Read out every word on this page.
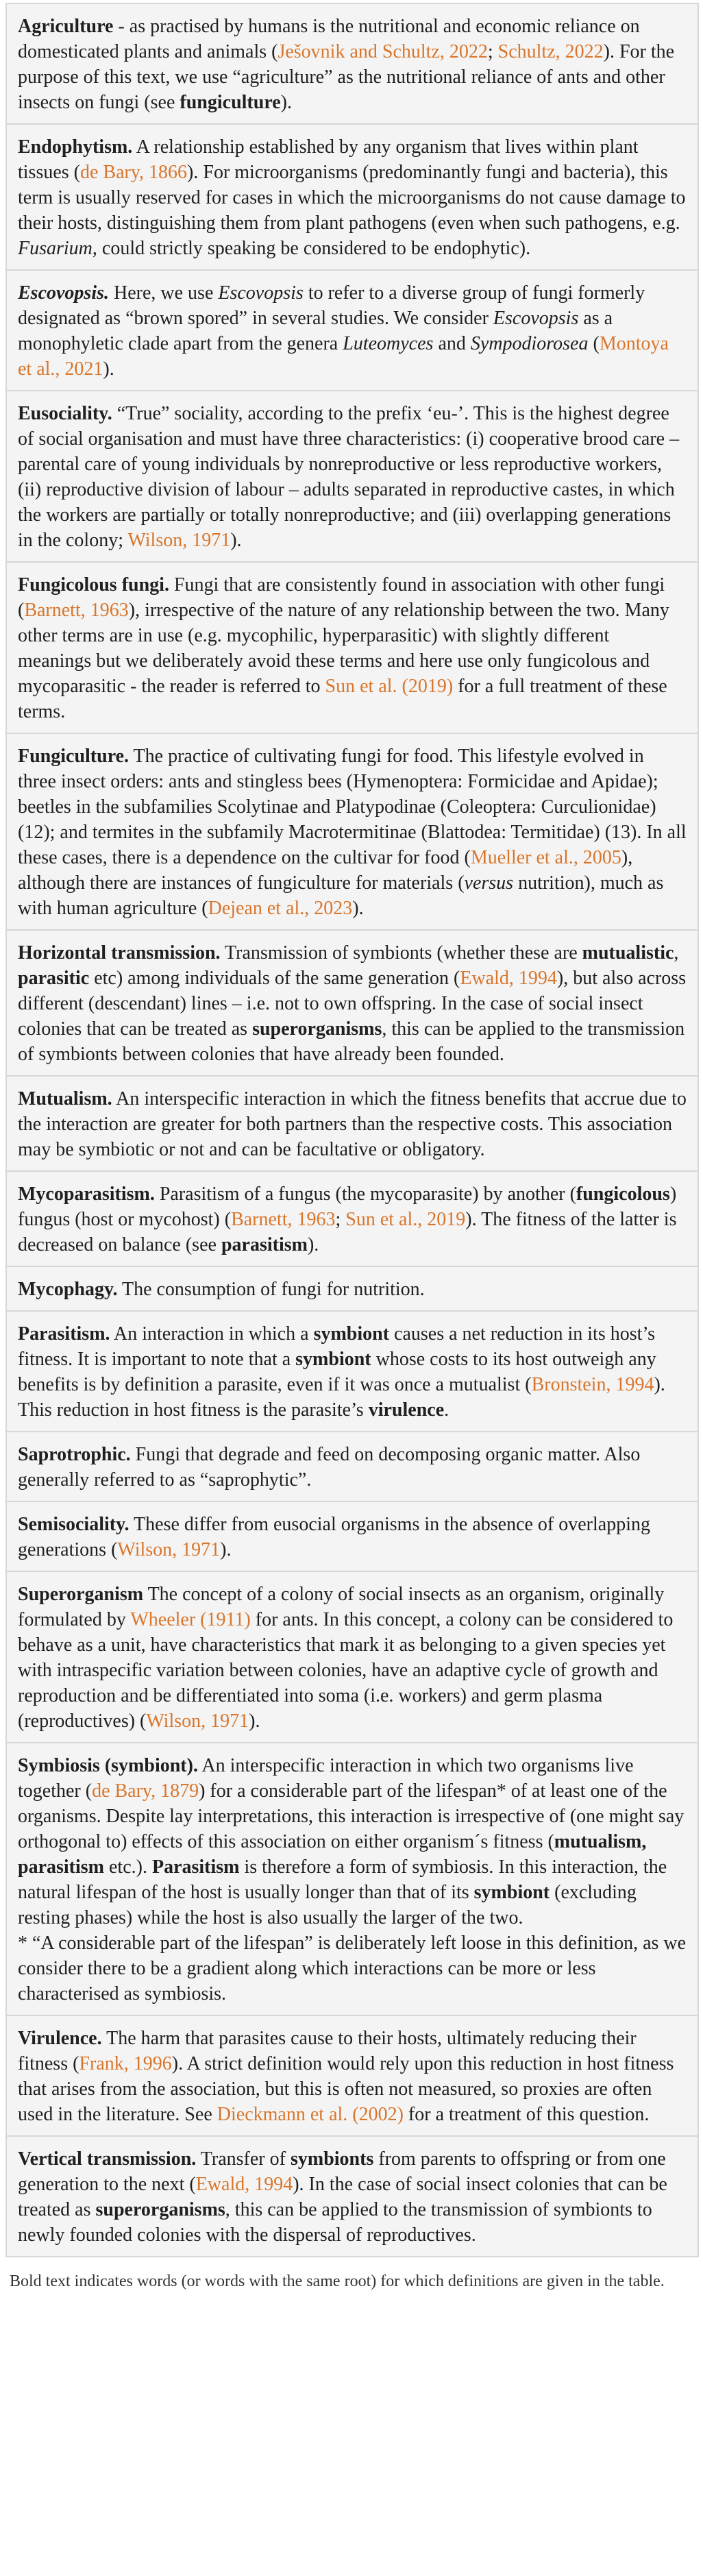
Agriculture - as practised by humans is the nutritional and economic reliance on domesticated plants and animals (Ješovnik and Schultz, 2022; Schultz, 2022). For the purpose of this text, we use “agriculture” as the nutritional reliance of ants and other insects on fungi (see fungiculture).
Endophytism. A relationship established by any organism that lives within plant tissues (de Bary, 1866). For microorganisms (predominantly fungi and bacteria), this term is usually reserved for cases in which the microorganisms do not cause damage to their hosts, distinguishing them from plant pathogens (even when such pathogens, e.g. Fusarium, could strictly speaking be considered to be endophytic).
Escovopsis. Here, we use Escovopsis to refer to a diverse group of fungi formerly designated as “brown spored” in several studies. We consider Escovopsis as a monophyletic clade apart from the genera Luteomyces and Sympodiorosea (Montoya et al., 2021).
Eusociality. “True” sociality, according to the prefix ‘eu-’. This is the highest degree of social organisation and must have three characteristics: (i) cooperative brood care – parental care of young individuals by nonreproductive or less reproductive workers, (ii) reproductive division of labour – adults separated in reproductive castes, in which the workers are partially or totally nonreproductive; and (iii) overlapping generations in the colony; Wilson, 1971).
Fungicolous fungi. Fungi that are consistently found in association with other fungi (Barnett, 1963), irrespective of the nature of any relationship between the two. Many other terms are in use (e.g. mycophilic, hyperparasitic) with slightly different meanings but we deliberately avoid these terms and here use only fungicolous and mycoparasitic - the reader is referred to Sun et al. (2019) for a full treatment of these terms.
Fungiculture. The practice of cultivating fungi for food. This lifestyle evolved in three insect orders: ants and stingless bees (Hymenoptera: Formicidae and Apidae); beetles in the subfamilies Scolytinae and Platypodinae (Coleoptera: Curculionidae) (12); and termites in the subfamily Macrotermitinae (Blattodea: Termitidae) (13). In all these cases, there is a dependence on the cultivar for food (Mueller et al., 2005), although there are instances of fungiculture for materials (versus nutrition), much as with human agriculture (Dejean et al., 2023).
Horizontal transmission. Transmission of symbionts (whether these are mutualistic, parasitic etc) among individuals of the same generation (Ewald, 1994), but also across different (descendant) lines – i.e. not to own offspring. In the case of social insect colonies that can be treated as superorganisms, this can be applied to the transmission of symbionts between colonies that have already been founded.
Mutualism. An interspecific interaction in which the fitness benefits that accrue due to the interaction are greater for both partners than the respective costs. This association may be symbiotic or not and can be facultative or obligatory.
Mycoparasitism. Parasitism of a fungus (the mycoparasite) by another (fungicolous) fungus (host or mycohost) (Barnett, 1963; Sun et al., 2019). The fitness of the latter is decreased on balance (see parasitism).
Mycophagy. The consumption of fungi for nutrition.
Parasitism. An interaction in which a symbiont causes a net reduction in its host’s fitness. It is important to note that a symbiont whose costs to its host outweigh any benefits is by definition a parasite, even if it was once a mutualist (Bronstein, 1994). This reduction in host fitness is the parasite’s virulence.
Saprotrophic. Fungi that degrade and feed on decomposing organic matter. Also generally referred to as “saprophytic”.
Semisociality. These differ from eusocial organisms in the absence of overlapping generations (Wilson, 1971).
Superorganism The concept of a colony of social insects as an organism, originally formulated by Wheeler (1911) for ants. In this concept, a colony can be considered to behave as a unit, have characteristics that mark it as belonging to a given species yet with intraspecific variation between colonies, have an adaptive cycle of growth and reproduction and be differentiated into soma (i.e. workers) and germ plasma (reproductives) (Wilson, 1971).
Symbiosis (symbiont). An interspecific interaction in which two organisms live together (de Bary, 1879) for a considerable part of the lifespan* of at least one of the organisms. Despite lay interpretations, this interaction is irrespective of (one might say orthogonal to) effects of this association on either organism´s fitness (mutualism, parasitism etc.). Parasitism is therefore a form of symbiosis. In this interaction, the natural lifespan of the host is usually longer than that of its symbiont (excluding resting phases) while the host is also usually the larger of the two.
* “A considerable part of the lifespan” is deliberately left loose in this definition, as we consider there to be a gradient along which interactions can be more or less characterised as symbiosis.
Virulence. The harm that parasites cause to their hosts, ultimately reducing their fitness (Frank, 1996). A strict definition would rely upon this reduction in host fitness that arises from the association, but this is often not measured, so proxies are often used in the literature. See Dieckmann et al. (2002) for a treatment of this question.
Vertical transmission. Transfer of symbionts from parents to offspring or from one generation to the next (Ewald, 1994). In the case of social insect colonies that can be treated as superorganisms, this can be applied to the transmission of symbionts to newly founded colonies with the dispersal of reproductives.
Bold text indicates words (or words with the same root) for which definitions are given in the table.
